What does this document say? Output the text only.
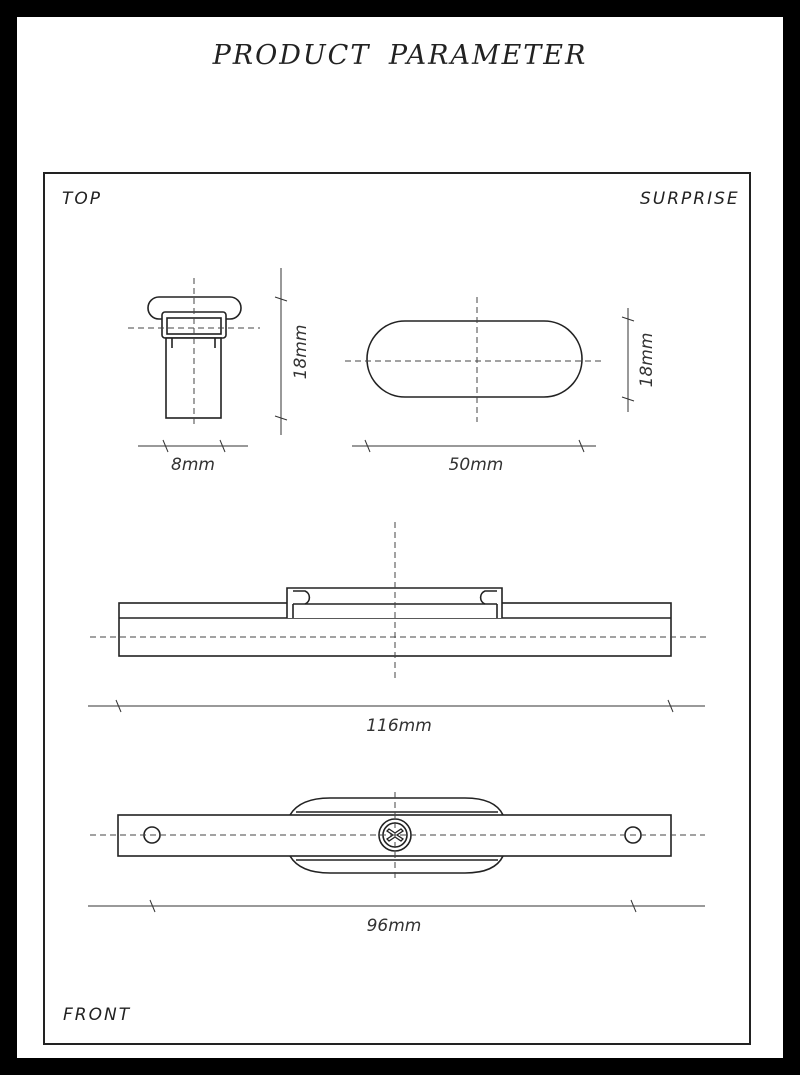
PRODUCT PARAMETER
TOP	SURPRISE
FRONT
8mm	50mm
18mm	18mm
116mm
96mm
